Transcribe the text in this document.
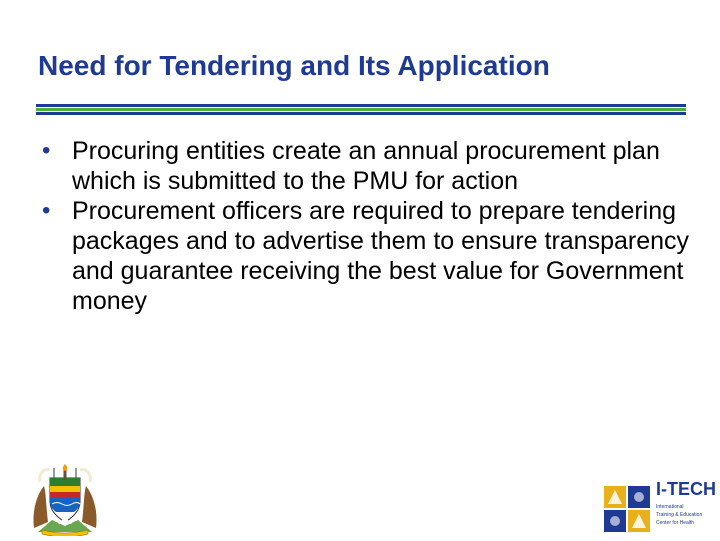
Need for Tendering and Its Application
• Procuring entities create an annual procurement plan which is submitted to the PMU for action
• Procurement officers are required to prepare tendering packages and to advertise them to ensure transparency and guarantee receiving the best value for Government money
I-TECH
International
Training & Education
Center for Health
